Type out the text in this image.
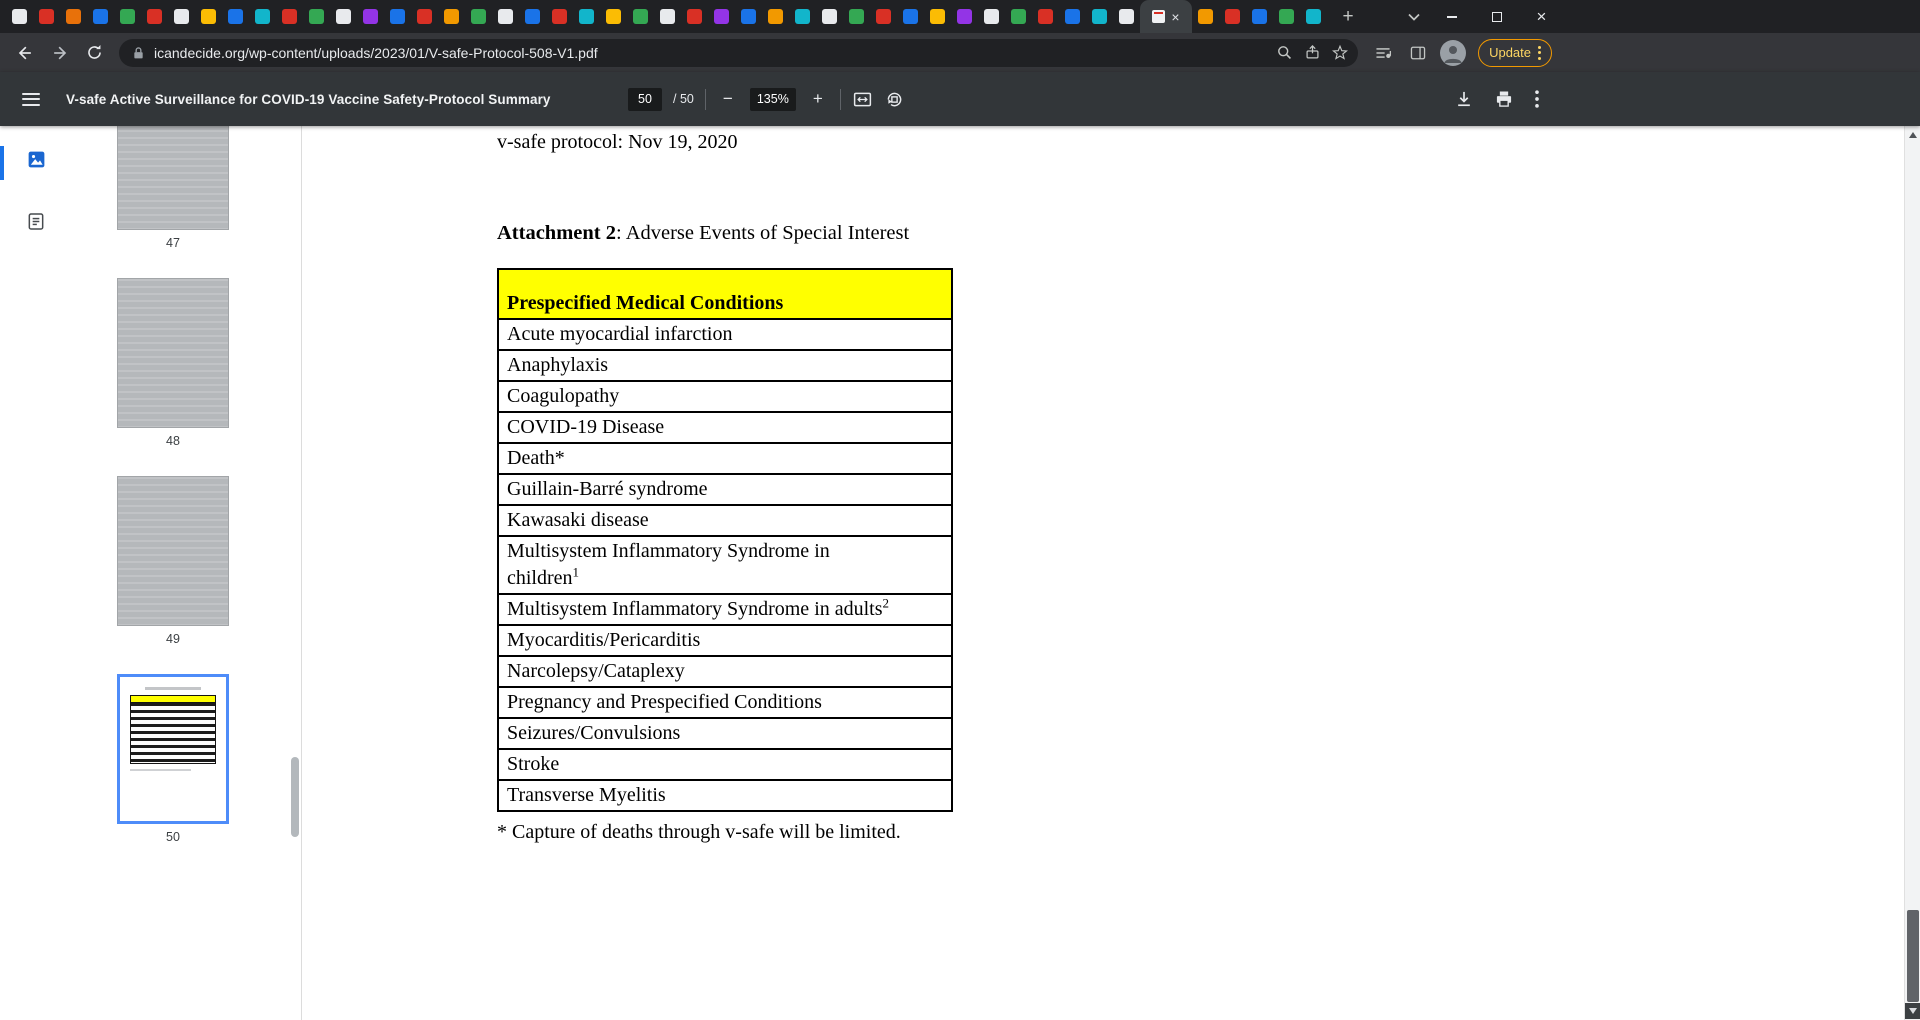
×	+	×
icandecide.org/wp-content/uploads/2023/01/V-safe-Protocol-508-V1.pdf	Update
V-safe Active Surveillance for COVID-19 Vaccine Safety-Protocol Summary	50	/ 50	−	135%	+
47
48
49
50
v-safe protocol: Nov 19, 2020
Attachment 2: Adverse Events of Special Interest
Prespecified Medical Conditions
Acute myocardial infarction
Anaphylaxis
Coagulopathy
COVID-19 Disease
Death*
Guillain-Barré syndrome
Kawasaki disease
Multisystem Inflammatory Syndrome in
children$^1$
Multisystem Inflammatory Syndrome in adults$^2$
Myocarditis/Pericarditis
Narcolepsy/Cataplexy
Pregnancy and Prespecified Conditions
Seizures/Convulsions
Stroke
Transverse Myelitis
* Capture of deaths through v-safe will be limited.
